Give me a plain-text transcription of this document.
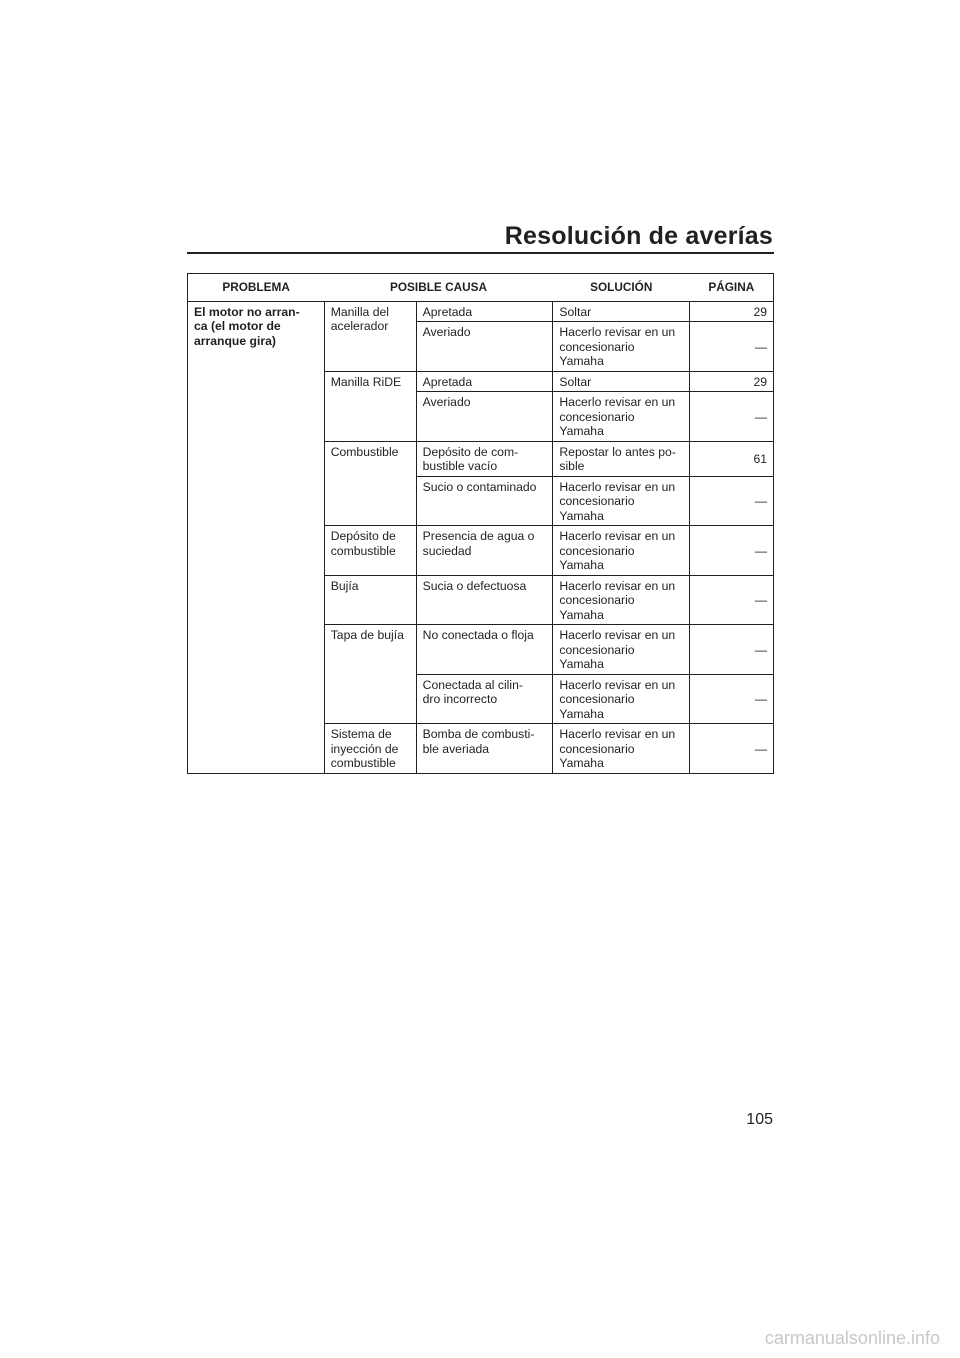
Resolución de averías
PROBLEMA	POSIBLE CAUSA		SOLUCIÓN	PÁGINA
El motor no arran-
ca (el motor de
arranque gira)	Manilla del
acelerador	Apretada	Soltar	29
		Averiado	Hacerlo revisar en un
concesionario
Yamaha	—
	Manilla RiDE	Apretada	Soltar	29
		Averiado	Hacerlo revisar en un
concesionario
Yamaha	—
	Combustible	Depósito de com-
bustible vacío	Repostar lo antes po-
sible	61
		Sucio o contaminado	Hacerlo revisar en un
concesionario
Yamaha	—
	Depósito de
combustible	Presencia de agua o
suciedad	Hacerlo revisar en un
concesionario
Yamaha	—
	Bujía	Sucia o defectuosa	Hacerlo revisar en un
concesionario
Yamaha	—
	Tapa de bujía	No conectada o floja	Hacerlo revisar en un
concesionario
Yamaha	—
		Conectada al cilin-
dro incorrecto	Hacerlo revisar en un
concesionario
Yamaha	—
	Sistema de
inyección de
combustible	Bomba de combusti-
ble averiada	Hacerlo revisar en un
concesionario
Yamaha	—

105

carmanualsonline.info
